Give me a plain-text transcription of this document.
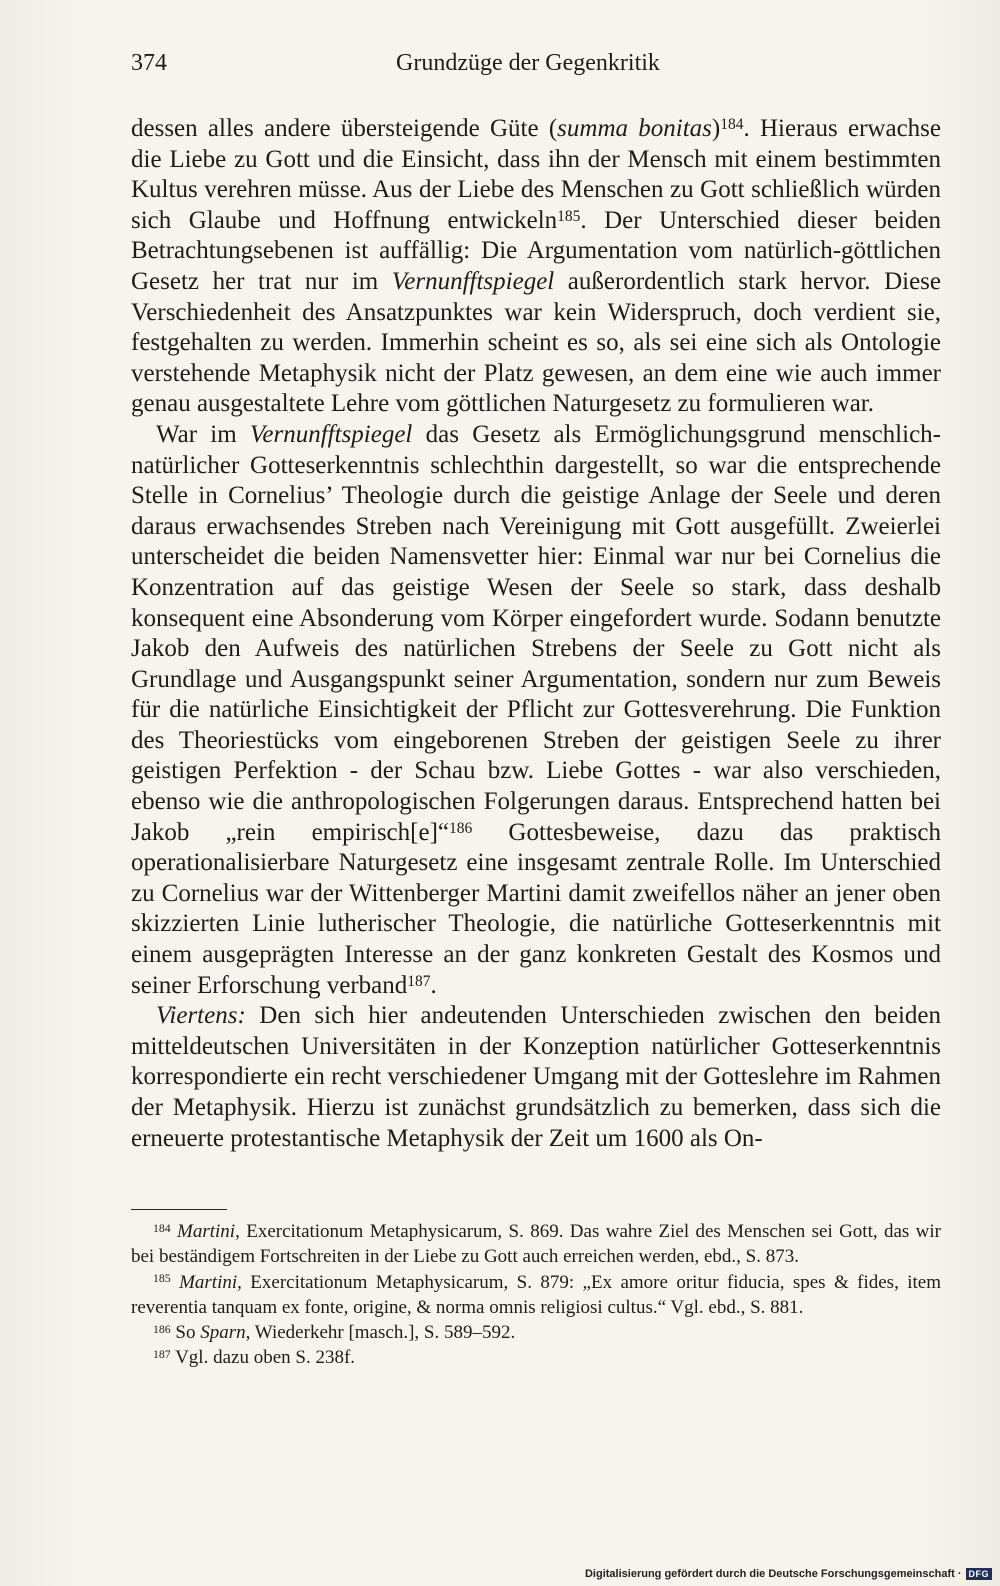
374	Grundzüge der Gegenkritik

dessen alles andere übersteigende Güte (summa bonitas)$^{184}$. Hieraus erwachse die Liebe zu Gott und die Einsicht, dass ihn der Mensch mit einem bestimmten Kultus verehren müsse. Aus der Liebe des Menschen zu Gott schließlich würden sich Glaube und Hoffnung entwickeln$^{185}$. Der Unterschied dieser beiden Betrachtungsebenen ist auffällig: Die Argumentation vom natürlich-göttlichen Gesetz her trat nur im Vernunfftspiegel außerordentlich stark hervor. Diese Verschiedenheit des Ansatzpunktes war kein Widerspruch, doch verdient sie, festgehalten zu werden. Immerhin scheint es so, als sei eine sich als Ontologie verstehende Metaphysik nicht der Platz gewesen, an dem eine wie auch immer genau ausgestaltete Lehre vom göttlichen Naturgesetz zu formulieren war.

War im Vernunfftspiegel das Gesetz als Ermöglichungsgrund menschlich-natürlicher Gotteserkenntnis schlechthin dargestellt, so war die entsprechende Stelle in Cornelius’ Theologie durch die geistige Anlage der Seele und deren daraus erwachsendes Streben nach Vereinigung mit Gott ausgefüllt. Zweierlei unterscheidet die beiden Namensvetter hier: Einmal war nur bei Cornelius die Konzentration auf das geistige Wesen der Seele so stark, dass deshalb konsequent eine Absonderung vom Körper eingefordert wurde. Sodann benutzte Jakob den Aufweis des natürlichen Strebens der Seele zu Gott nicht als Grundlage und Ausgangspunkt seiner Argumentation, sondern nur zum Beweis für die natürliche Einsichtigkeit der Pflicht zur Gottesverehrung. Die Funktion des Theoriestücks vom eingeborenen Streben der geistigen Seele zu ihrer geistigen Perfektion - der Schau bzw. Liebe Gottes - war also verschieden, ebenso wie die anthropologischen Folgerungen daraus. Entsprechend hatten bei Jakob „rein empirisch[e]“$^{186}$ Gottesbeweise, dazu das praktisch operationalisierbare Naturgesetz eine insgesamt zentrale Rolle. Im Unterschied zu Cornelius war der Wittenberger Martini damit zweifellos näher an jener oben skizzierten Linie lutherischer Theologie, die natürliche Gotteserkenntnis mit einem ausgeprägten Interesse an der ganz konkreten Gestalt des Kosmos und seiner Erforschung verband$^{187}$.

Viertens: Den sich hier andeutenden Unterschieden zwischen den beiden mitteldeutschen Universitäten in der Konzeption natürlicher Gotteserkenntnis korrespondierte ein recht verschiedener Umgang mit der Gotteslehre im Rahmen der Metaphysik. Hierzu ist zunächst grundsätzlich zu bemerken, dass sich die erneuerte protestantische Metaphysik der Zeit um 1600 als On-

$^{184}$ Martini, Exercitationum Metaphysicarum, S. 869. Das wahre Ziel des Menschen sei Gott, das wir bei beständigem Fortschreiten in der Liebe zu Gott auch erreichen werden, ebd., S. 873.

$^{185}$ Martini, Exercitationum Metaphysicarum, S. 879: „Ex amore oritur fiducia, spes & fides, item reverentia tanquam ex fonte, origine, & norma omnis religiosi cultus.“ Vgl. ebd., S. 881.

$^{186}$ So Sparn, Wiederkehr [masch.], S. 589–592.

$^{187}$ Vgl. dazu oben S. 238f.

Digitalisierung gefördert durch die Deutsche Forschungsgemeinschaft · DFG
